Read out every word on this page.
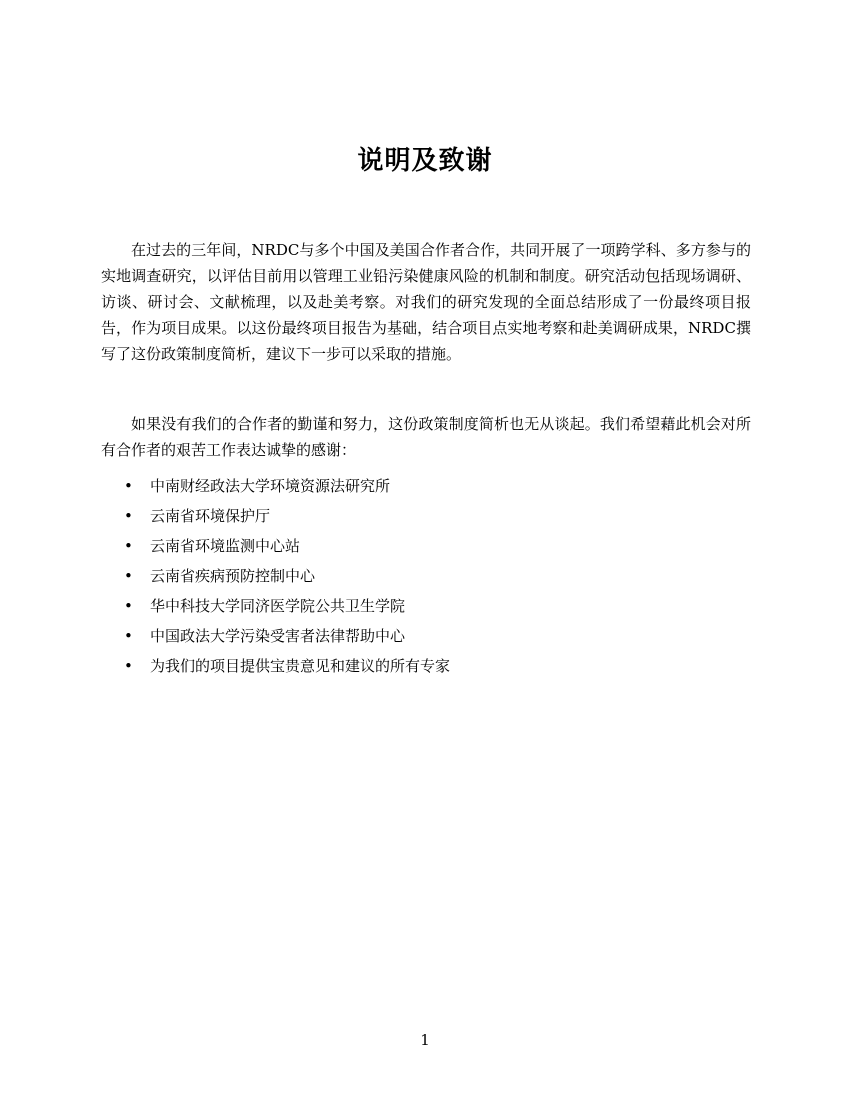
说明及致谢

在过去的三年间，NRDC与多个中国及美国合作者合作，共同开展了一项跨学科、多方参与的实地调查研究，以评估目前用以管理工业铅污染健康风险的机制和制度。研究活动包括现场调研、访谈、研讨会、文献梳理，以及赴美考察。对我们的研究发现的全面总结形成了一份最终项目报告，作为项目成果。以这份最终项目报告为基础，结合项目点实地考察和赴美调研成果，NRDC撰写了这份政策制度简析，建议下一步可以采取的措施。

如果没有我们的合作者的勤谨和努力，这份政策制度简析也无从谈起。我们希望藉此机会对所有合作者的艰苦工作表达诚挚的感谢：

•	中南财经政法大学环境资源法研究所
•	云南省环境保护厅
•	云南省环境监测中心站
•	云南省疾病预防控制中心
•	华中科技大学同济医学院公共卫生学院
•	中国政法大学污染受害者法律帮助中心
•	为我们的项目提供宝贵意见和建议的所有专家
1
